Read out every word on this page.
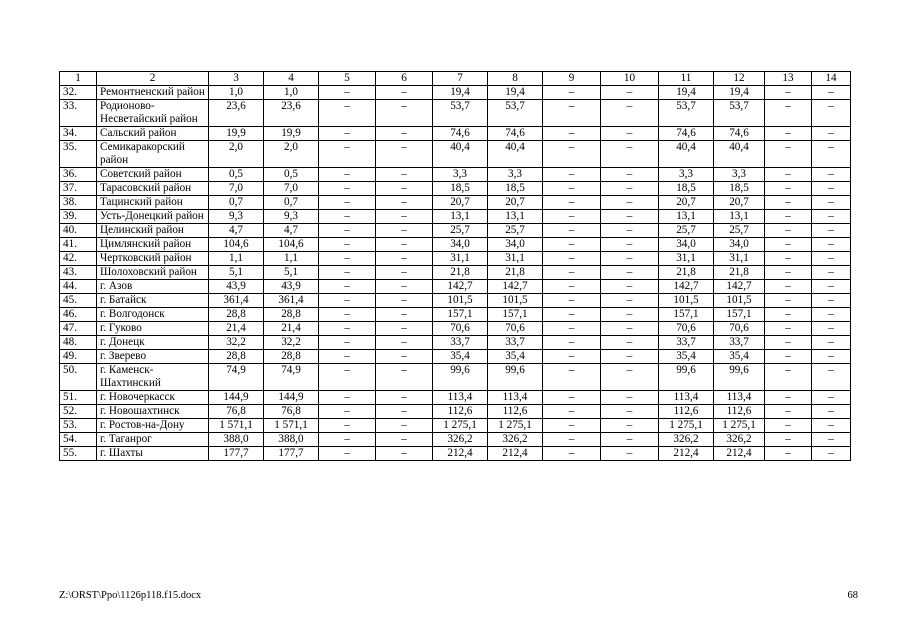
1	2	3	4	5	6	7	8	9	10	11	12	13	14
32.	Ремонтненский район	1,0	1,0	–	–	19,4	19,4	–	–	19,4	19,4	–	–
33.	Родионово-Несветайский район	23,6	23,6	–	–	53,7	53,7	–	–	53,7	53,7	–	–
34.	Сальский район	19,9	19,9	–	–	74,6	74,6	–	–	74,6	74,6	–	–
35.	Семикаракорский район	2,0	2,0	–	–	40,4	40,4	–	–	40,4	40,4	–	–
36.	Советский район	0,5	0,5	–	–	3,3	3,3	–	–	3,3	3,3	–	–
37.	Тарасовский район	7,0	7,0	–	–	18,5	18,5	–	–	18,5	18,5	–	–
38.	Тацинский район	0,7	0,7	–	–	20,7	20,7	–	–	20,7	20,7	–	–
39.	Усть-Донецкий район	9,3	9,3	–	–	13,1	13,1	–	–	13,1	13,1	–	–
40.	Целинский район	4,7	4,7	–	–	25,7	25,7	–	–	25,7	25,7	–	–
41.	Цимлянский район	104,6	104,6	–	–	34,0	34,0	–	–	34,0	34,0	–	–
42.	Чертковский район	1,1	1,1	–	–	31,1	31,1	–	–	31,1	31,1	–	–
43.	Шолоховский район	5,1	5,1	–	–	21,8	21,8	–	–	21,8	21,8	–	–
44.	г. Азов	43,9	43,9	–	–	142,7	142,7	–	–	142,7	142,7	–	–
45.	г. Батайск	361,4	361,4	–	–	101,5	101,5	–	–	101,5	101,5	–	–
46.	г. Волгодонск	28,8	28,8	–	–	157,1	157,1	–	–	157,1	157,1	–	–
47.	г. Гуково	21,4	21,4	–	–	70,6	70,6	–	–	70,6	70,6	–	–
48.	г. Донецк	32,2	32,2	–	–	33,7	33,7	–	–	33,7	33,7	–	–
49.	г. Зверево	28,8	28,8	–	–	35,4	35,4	–	–	35,4	35,4	–	–
50.	г. Каменск-Шахтинский	74,9	74,9	–	–	99,6	99,6	–	–	99,6	99,6	–	–
51.	г. Новочеркасск	144,9	144,9	–	–	113,4	113,4	–	–	113,4	113,4	–	–
52.	г. Новошахтинск	76,8	76,8	–	–	112,6	112,6	–	–	112,6	112,6	–	–
53.	г. Ростов-на-Дону	1 571,1	1 571,1	–	–	1 275,1	1 275,1	–	–	1 275,1	1 275,1	–	–
54.	г. Таганрог	388,0	388,0	–	–	326,2	326,2	–	–	326,2	326,2	–	–
55.	г. Шахты	177,7	177,7	–	–	212,4	212,4	–	–	212,4	212,4	–	–
Z:\ORST\Ppo\1126p118.f15.docx	68
